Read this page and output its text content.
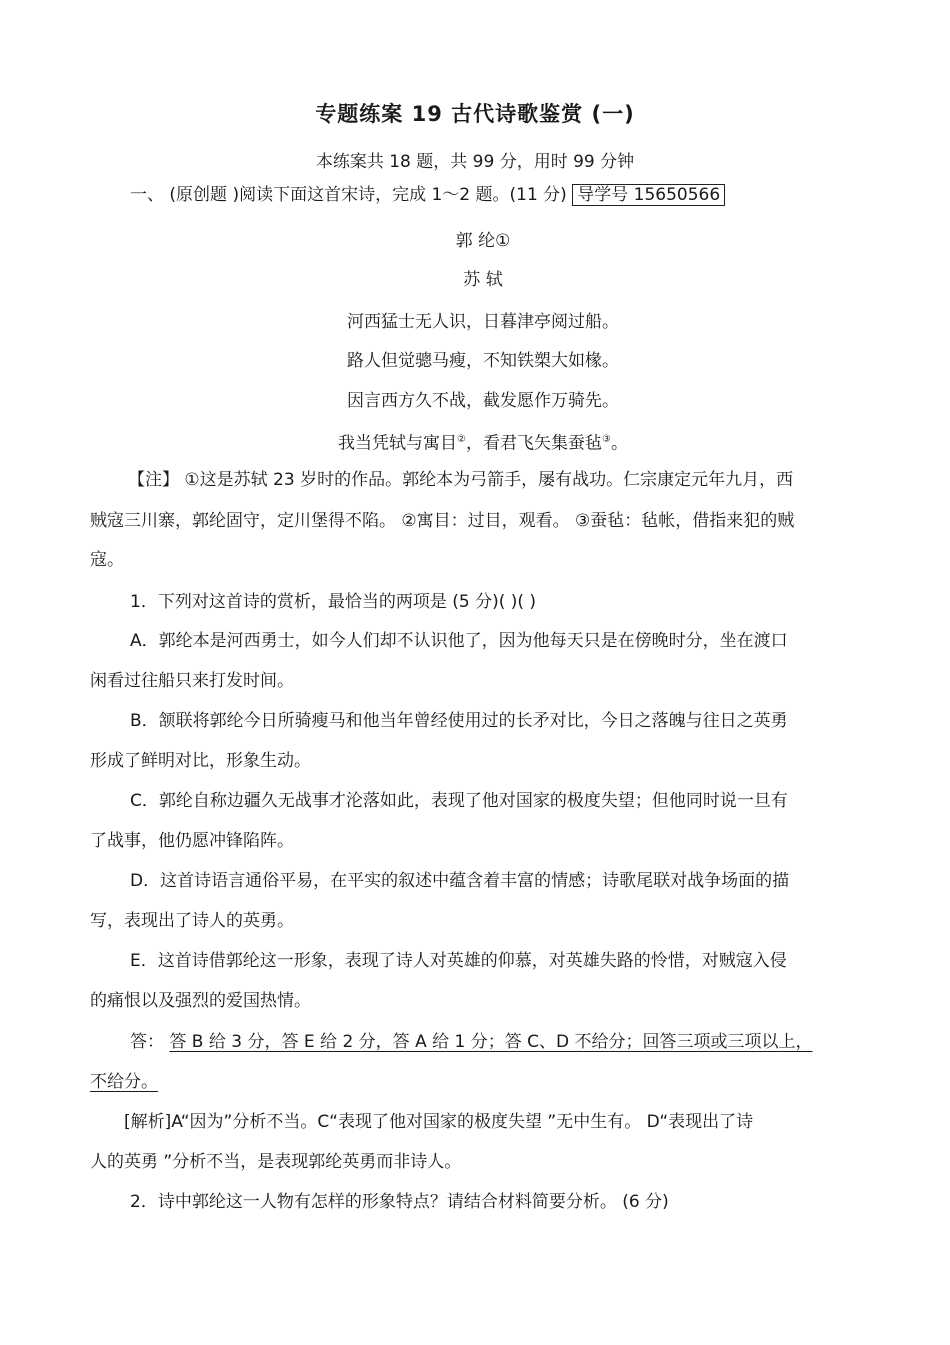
专题练案 19 古代诗歌鉴赏 (一)
本练案共 18 题，共 99 分，用时 99 分钟
一、 (原创题 )阅读下面这首宋诗，完成 1～2 题。(11 分) 导学号 15650566
郭 纶①
苏 轼
河西猛士无人识，日暮津亭阅过船。
路人但觉骢马瘦，不知铁槊大如椽。
因言西方久不战，截发愿作万骑先。
我当凭轼与寓目②，看君飞矢集蚕毡③。
【注】 ①这是苏轼 23 岁时的作品。郭纶本为弓箭手，屡有战功。仁宗康定元年九月，西
贼寇三川寨，郭纶固守，定川堡得不陷。 ②寓目：过目，观看。 ③蚕毡：毡帐，借指来犯的贼
寇。
1．下列对这首诗的赏析，最恰当的两项是 (5 分)( )( )
A．郭纶本是河西勇士，如今人们却不认识他了，因为他每天只是在傍晚时分，坐在渡口
闲看过往船只来打发时间。
B．颔联将郭纶今日所骑瘦马和他当年曾经使用过的长矛对比，今日之落魄与往日之英勇
形成了鲜明对比，形象生动。
C．郭纶自称边疆久无战事才沦落如此，表现了他对国家的极度失望；但他同时说一旦有
了战事，他仍愿冲锋陷阵。
D．这首诗语言通俗平易，在平实的叙述中蕴含着丰富的情感；诗歌尾联对战争场面的描
写，表现出了诗人的英勇。
E．这首诗借郭纶这一形象，表现了诗人对英雄的仰慕，对英雄失路的怜惜，对贼寇入侵
的痛恨以及强烈的爱国热情。
答： 答 B 给 3 分，答 E 给 2 分，答 A 给 1 分；答 C、D 不给分；回答三项或三项以上，
不给分。
[解析]A“因为”分析不当。C“表现了他对国家的极度失望 ”无中生有。 D“表现出了诗
人的英勇 ”分析不当，是表现郭纶英勇而非诗人。
2．诗中郭纶这一人物有怎样的形象特点？请结合材料简要分析。 (6 分)
